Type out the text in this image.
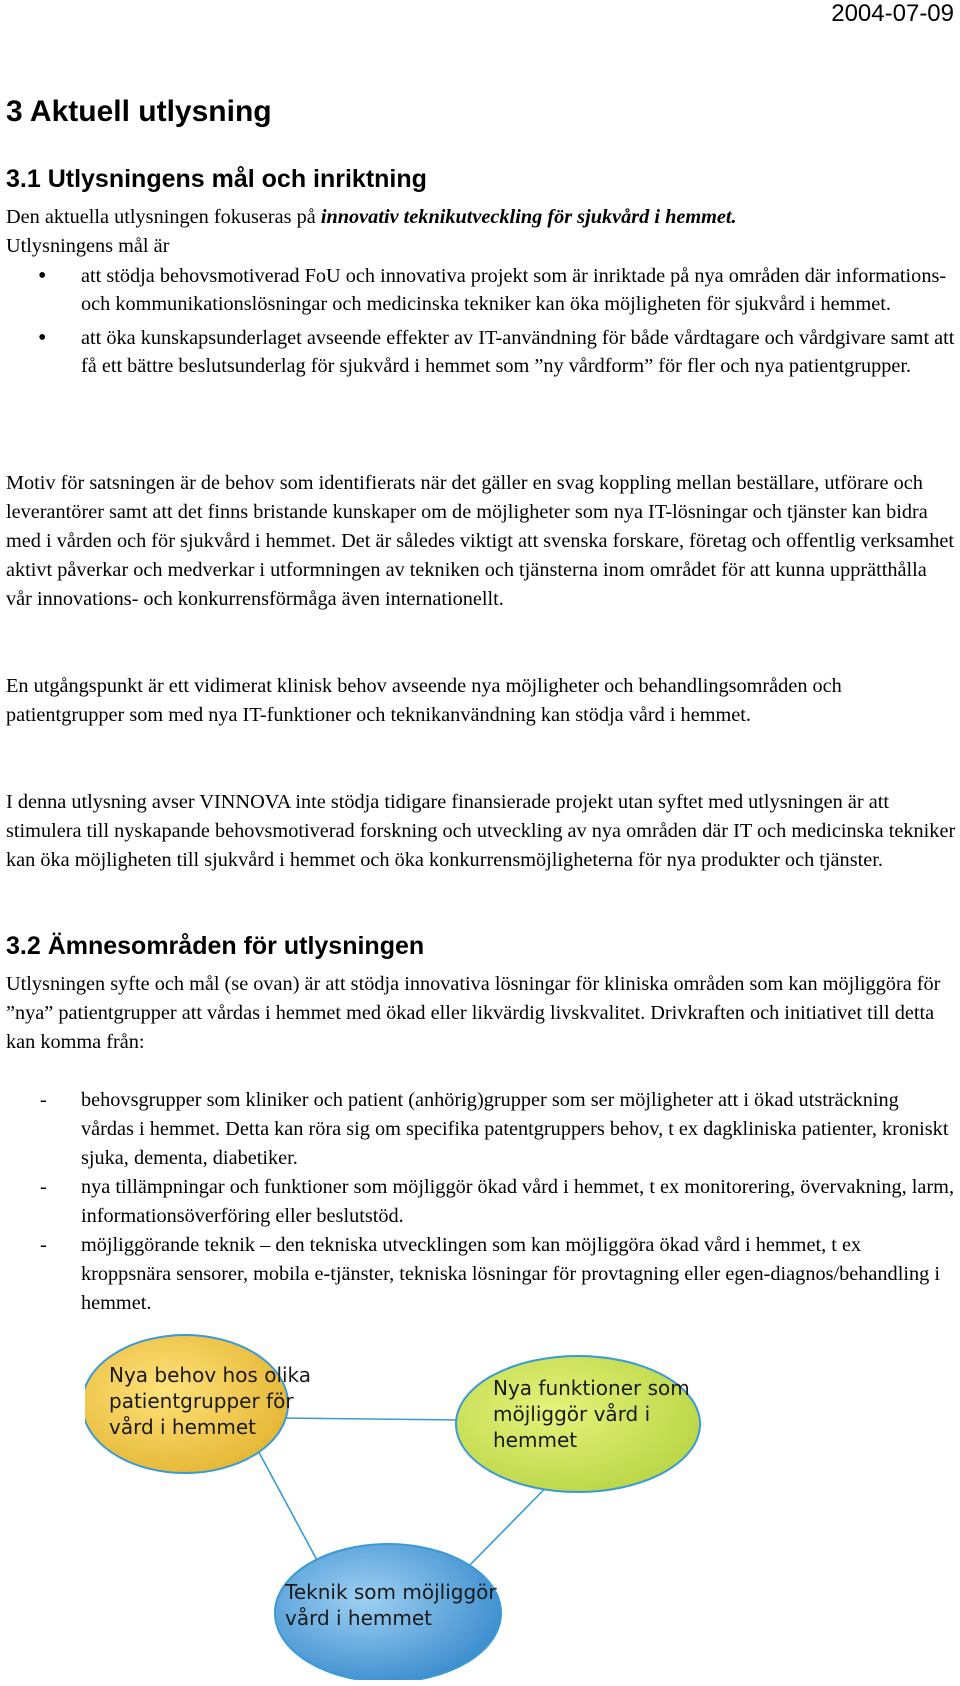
2004-07-09
3 Aktuell utlysning
3.1 Utlysningens mål och inriktning

Den aktuella utlysningen fokuseras på innovativ teknikutveckling för sjukvård i hemmet.

Utlysningens mål är

• att stödja behovsmotiverad FoU och innovativa projekt som är inriktade på nya områden där informations- och kommunikationslösningar och medicinska tekniker kan öka möjligheten för sjukvård i hemmet.
• att öka kunskapsunderlaget avseende effekter av IT-användning för både vårdtagare och vårdgivare samt att få ett bättre beslutsunderlag för sjukvård i hemmet som ”ny vårdform” för fler och nya patientgrupper.

Motiv för satsningen är de behov som identifierats när det gäller en svag koppling mellan beställare, utförare och leverantörer samt att det finns bristande kunskaper om de möjligheter som nya IT-lösningar och tjänster kan bidra med i vården och för sjukvård i hemmet. Det är således viktigt att svenska forskare, företag och offentlig verksamhet aktivt påverkar och medverkar i utformningen av tekniken och tjänsterna inom området för att kunna upprätthålla vår innovations- och konkurrensförmåga även internationellt.

En utgångspunkt är ett vidimerat klinisk behov avseende nya möjligheter och behandlingsområden och patientgrupper som med nya IT-funktioner och teknikanvändning kan stödja vård i hemmet.

I denna utlysning avser VINNOVA inte stödja tidigare finansierade projekt utan syftet med utlysningen är att stimulera till nyskapande behovsmotiverad forskning och utveckling av nya områden där IT och medicinska tekniker kan öka möjligheten till sjukvård i hemmet och öka konkurrensmöjligheterna för nya produkter och tjänster.

3.2 Ämnesområden för utlysningen

Utlysningen syfte och mål (se ovan) är att stödja innovativa lösningar för kliniska områden som kan möjliggöra för ”nya” patientgrupper att vårdas i hemmet med ökad eller likvärdig livskvalitet. Drivkraften och initiativet till detta kan komma från:

- behovsgrupper som kliniker och patient (anhörig)grupper som ser möjligheter att i ökad utsträckning vårdas i hemmet. Detta kan röra sig om specifika patentgruppers behov, t ex dagkliniska patienter, kroniskt sjuka, dementa, diabetiker.
- nya tillämpningar och funktioner som möjliggör ökad vård i hemmet, t ex monitorering, övervakning, larm, informationsöverföring eller beslutstöd.
- möjliggörande teknik – den tekniska utvecklingen som kan möjliggöra ökad vård i hemmet, t ex kroppsnära sensorer, mobila e-tjänster, tekniska lösningar för provtagning eller egen-diagnos/behandling i hemmet.
Nya behov hos olika
patientgrupper för
vård i hemmet
Nya funktioner som
möjliggör vård i
hemmet
Teknik som möjliggör
vård i hemmet
